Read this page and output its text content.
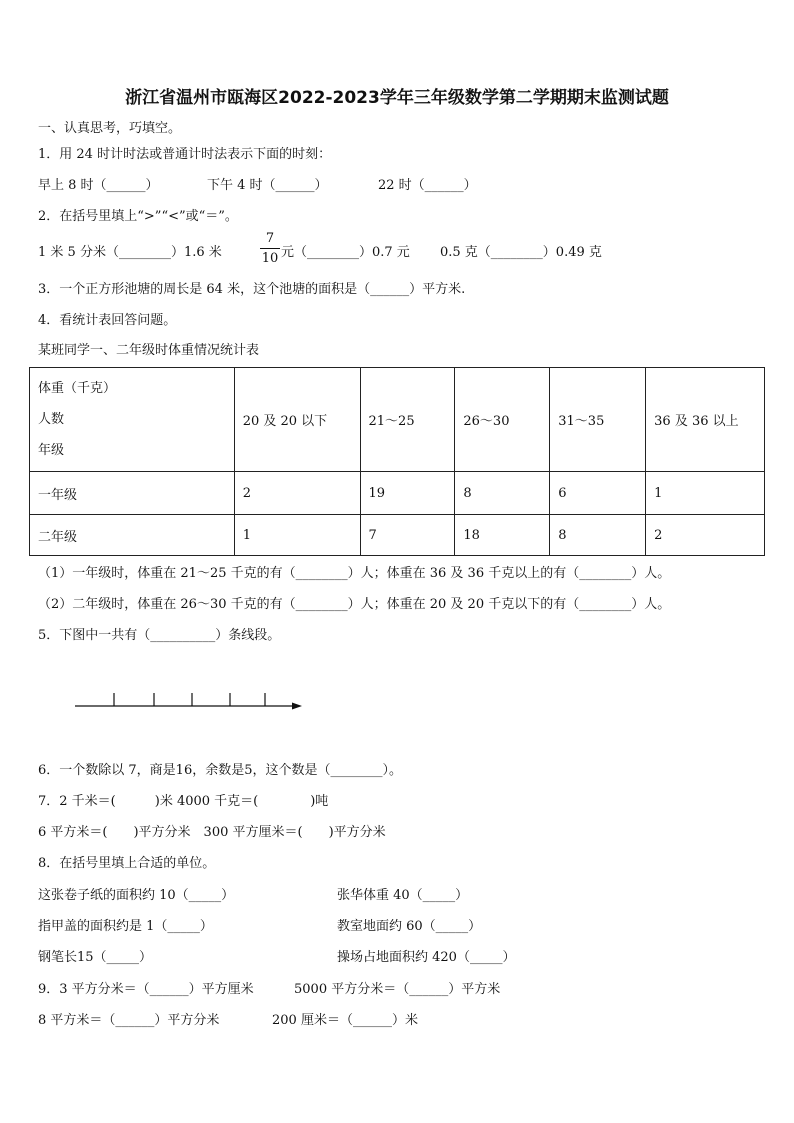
浙江省温州市瓯海区2022-2023学年三年级数学第二学期期末监测试题
一、认真思考，巧填空。
1．用 24 时计时法或普通计时法表示下面的时刻：
早上 8 时（______）	下午 4 时（______）	22 时（______）
2．在括号里填上“>”“<”或“＝”。
1 米 5 分米（________）1.6 米
7
10 元（________）0.7 元 0.5 克（________）0.49 克
3．一个正方形池塘的周长是 64 米，这个池塘的面积是（______）平方米.
4．看统计表回答问题。
某班同学一、二年级时体重情况统计表
体重（千克）
人数
年级	20 及 20 以下	21～25	26～30	31～35	36 及 36 以上
一年级	2	19	8	6	1
二年级	1	7	18	8	2
（1）一年级时，体重在 21～25 千克的有（________）人；体重在 36 及 36 千克以上的有（________）人。
（2）二年级时，体重在 26～30 千克的有（________）人；体重在 20 及 20 千克以下的有（________）人。
5．下图中一共有（__________）条线段。
6．一个数除以 7，商是16，余数是5，这个数是（________）。
7．2 千米＝(　　　)米 4000 千克＝(　　　　)吨
6 平方米＝(　　)平方分米　300 平方厘米＝(　　)平方分米
8．在括号里填上合适的单位。
这张卷子纸的面积约 10（_____）	张华体重 40（_____）
指甲盖的面积约是 1（_____）	教室地面约 60（_____）
钢笔长15（_____）	操场占地面积约 420（_____）
9．3 平方分米＝（______）平方厘米	5000 平方分米＝（______）平方米
8 平方米＝（______）平方分米	200 厘米＝（______）米
